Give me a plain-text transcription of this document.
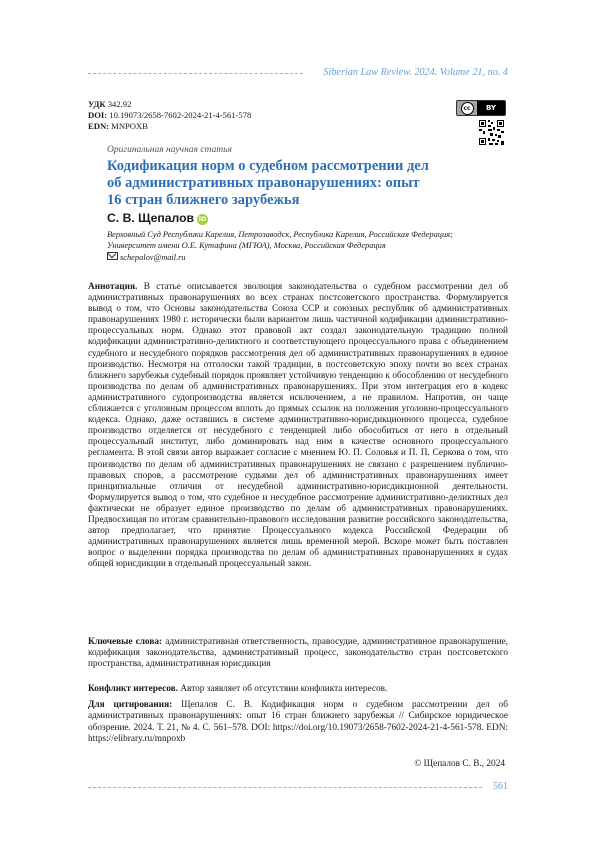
Siberian Law Review. 2024. Volume 21, no. 4
УДК 342.92
DOI: 10.19073/2658-7602-2024-21-4-561-578
EDN: MNPOXB
cc	BY
Оригинальная научная статья
Кодификация норм о судебном рассмотрении дел об административных правонарушениях: опыт 16 стран ближнего зарубежья
С. В. Щепалов iD
Верховный Суд Республики Карелия, Петрозаводск, Республика Карелия, Российская Федерация;
Университет имени О.Е. Кутафина (МГЮА), Москва, Российская Федерация
schepalov@mail.ru
Аннотация. В статье описывается эволюция законодательства о судебном рассмотрении дел об административных правонарушениях во всех странах постсоветского пространства. Формулируется вывод о том, что Основы законодательства Союза ССР и союзных республик об административных правонарушениях 1980 г. исторически были вариантом лишь частичной кодификации административно-процессуальных норм. Однако этот правовой акт создал законодательную традицию полной кодификации административно-деликтного и соответствующего процессуального права с объединением судебного и несудебного порядков рассмотрения дел об административных правонарушениях в единое производство. Несмотря на отголоски такой традиции, в постсоветскую эпоху почти во всех странах ближнего зарубежья судебный порядок проявляет устойчивую тенденцию к обособлению от несудебного производства по делам об административных правонарушениях. При этом интеграция его в кодекс административного судопроизводства является исключением, а не правилом. Напротив, он чаще сближается с уголовным процессом вплоть до прямых ссылок на положения уголовно-процессуального кодекса. Однако, даже оставшись в системе административно-юрисдикционного процесса, судебное производство отделяется от несудебного с тенденцией либо обособиться от него в отдельный процессуальный институт, либо доминировать над ним в качестве основного процессуального регламента. В этой связи автор выражает согласие с мнением Ю. П. Соловья и П. П. Серкова о том, что производство по делам об административных правонарушениях не связано с разрешением публично-правовых споров, а рассмотрение судьями дел об административных правонарушениях имеет принципиальные отличия от несудебной административно-юрисдикционной деятельности. Формулируется вывод о том, что судебное и несудебное рассмотрение административно-деликтных дел фактически не образует единое производство по делам об административных правонарушениях. Предвосхищая по итогам сравнительно-правового исследования развитие российского законодательства, автор предполагает, что принятие Процессуального кодекса Российской Федерации об административных правонарушениях является лишь временной мерой. Вскоре может быть поставлен вопрос о выделении порядка производства по делам об административных правонарушениях в судах общей юрисдикции в отдельный процессуальный закон.
Ключевые слова: административная ответственность, правосудие, административное правонарушение, кодификация законодательства, административный процесс, законодательство стран постсоветского пространства, административная юрисдикция
Конфликт интересов. Автор заявляет об отсутствии конфликта интересов.
Для цитирования: Щепалов С. В. Кодификация норм о судебном рассмотрении дел об административных правонарушениях: опыт 16 стран ближнего зарубежья // Сибирское юридическое обозрение. 2024. Т. 21, № 4. С. 561–578. DOI: https://doi.org/10.19073/2658-7602-2024-21-4-561-578. EDN: https://elibrary.ru/mnpoxb
© Щепалов С. В., 2024
561
